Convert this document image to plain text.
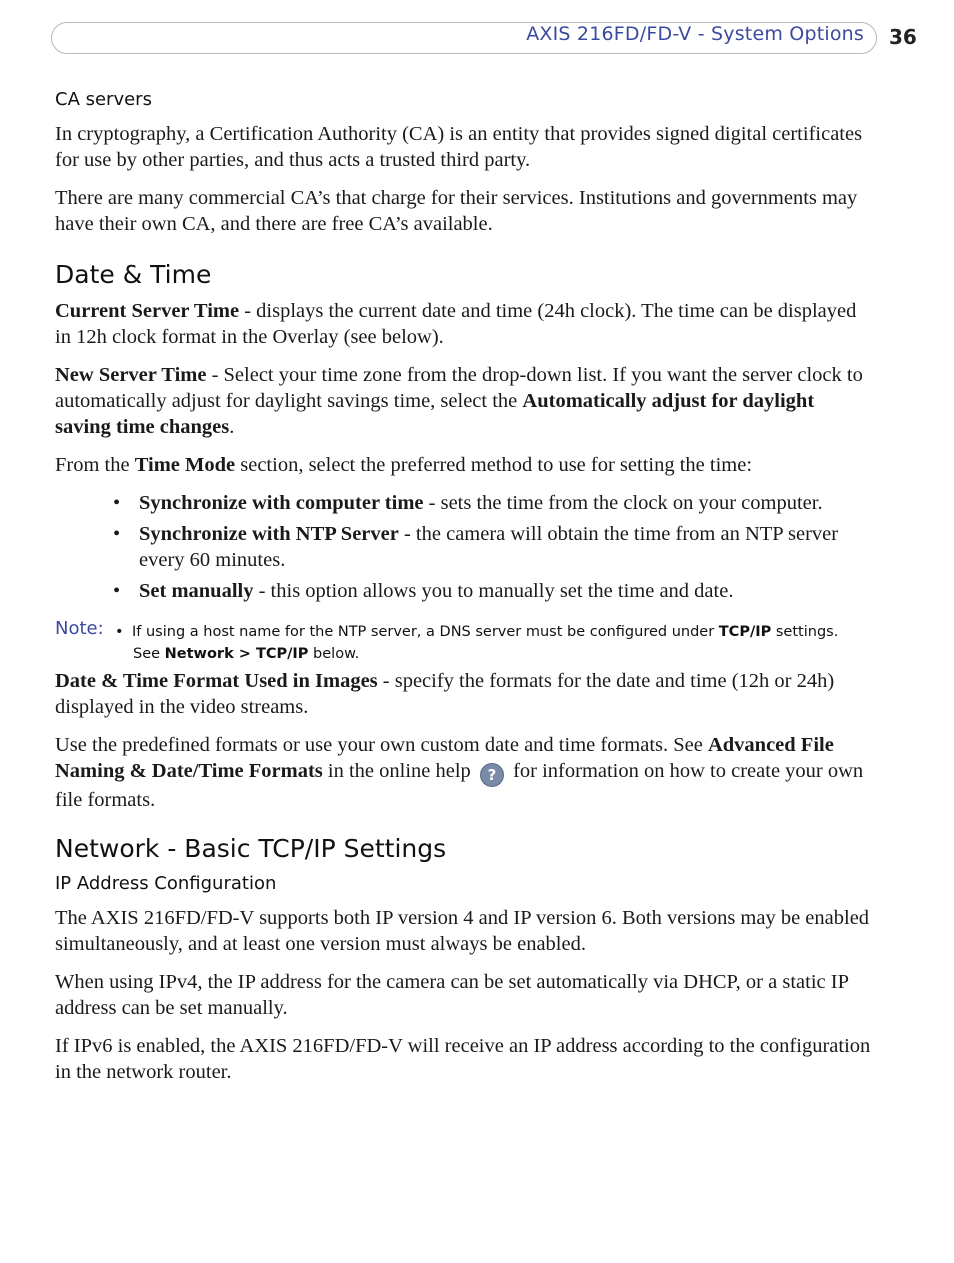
AXIS 216FD/FD-V - System Options 36
CA servers

In cryptography, a Certification Authority (CA) is an entity that provides signed digital certificates for use by other parties, and thus acts a trusted third party.

There are many commercial CA’s that charge for their services. Institutions and governments may have their own CA, and there are free CA’s available.

Date & Time

Current Server Time - displays the current date and time (24h clock). The time can be displayed in 12h clock format in the Overlay (see below).

New Server Time - Select your time zone from the drop-down list. If you want the server clock to automatically adjust for daylight savings time, select the Automatically adjust for daylight saving time changes.

From the Time Mode section, select the preferred method to use for setting the time:

• Synchronize with computer time - sets the time from the clock on your computer.
• Synchronize with NTP Server - the camera will obtain the time from an NTP server every 60 minutes.
• Set manually - this option allows you to manually set the time and date.
Note: • If using a host name for the NTP server, a DNS server must be configured under TCP/IP settings.
See Network > TCP/IP below.

Date & Time Format Used in Images - specify the formats for the date and time (12h or 24h) displayed in the video streams.

Use the predefined formats or use your own custom date and time formats. See Advanced File Naming & Date/Time Formats in the online help ? for information on how to create your own file formats.

Network - Basic TCP/IP Settings
IP Address Configuration

The AXIS 216FD/FD-V supports both IP version 4 and IP version 6. Both versions may be enabled simultaneously, and at least one version must always be enabled.

When using IPv4, the IP address for the camera can be set automatically via DHCP, or a static IP address can be set manually.

If IPv6 is enabled, the AXIS 216FD/FD-V will receive an IP address according to the configuration in the network router.
